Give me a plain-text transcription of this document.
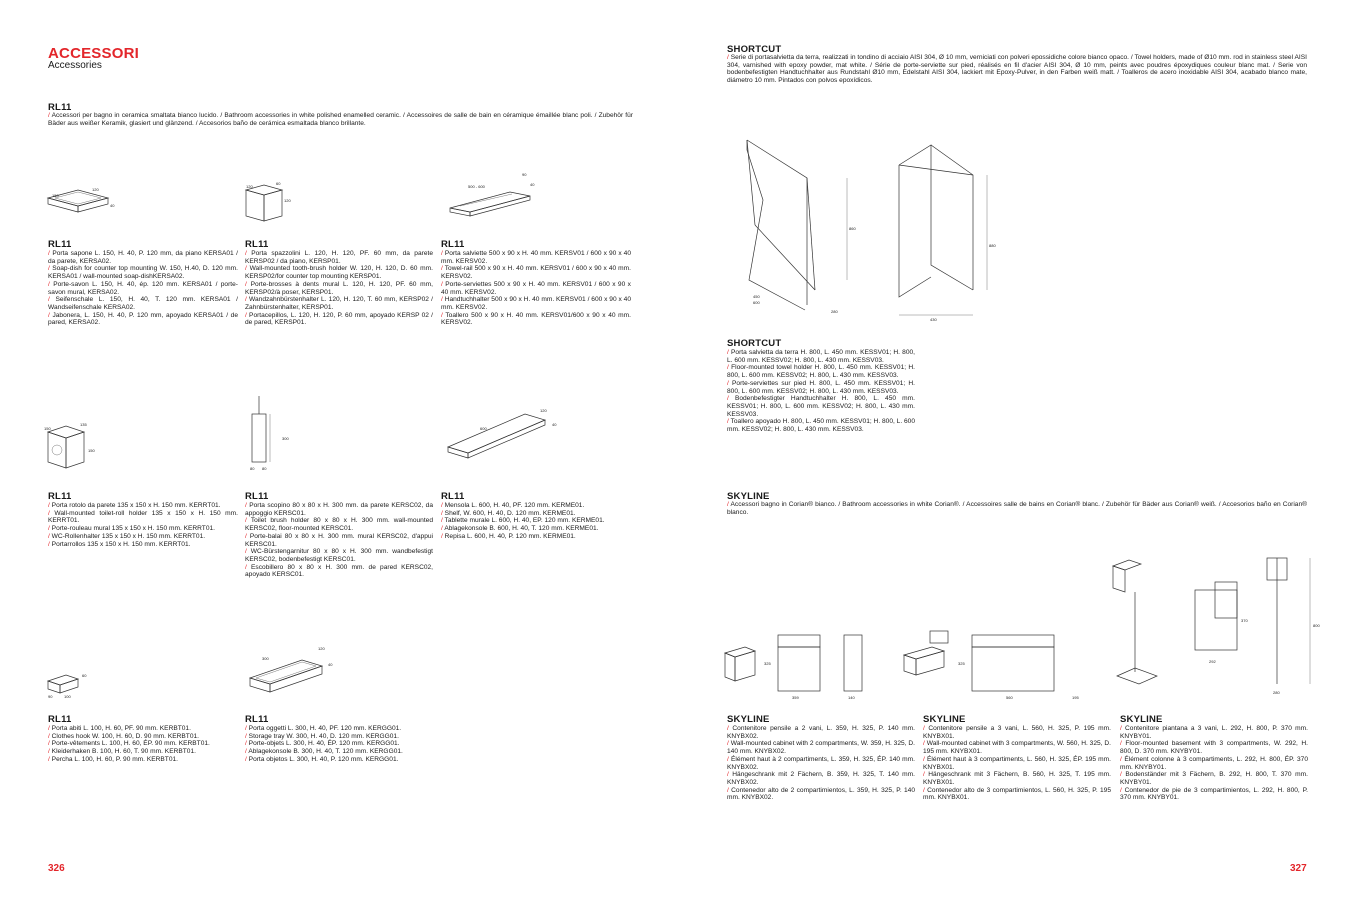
ACCESSORI
Accessories
RL11
/ Accessori per bagno in ceramica smaltata bianco lucido. / Bathroom accessories in white polished enamelled ceramic. / Accessoires de salle de bain en céramique émaillée blanc poli. / Zubehör für Bäder aus weißer Keramik, glasiert und glänzend. / Accesorios baño de cerámica esmaltada blanco brillante.
150
120
40
120
60
120
500 - 600
90
40
RL11

/ Porta sapone L. 150, H. 40, P. 120 mm, da piano KERSA01 / da parete, KERSA02.

/ Soap-dish for counter top mounting W. 150, H.40, D. 120 mm. KERSA01 / wall-mounted soap-dishKERSA02.

/ Porte-savon L. 150, H. 40, ép. 120 mm. KERSA01 / porte-savon mural, KERSA02.

/ Seifenschale L. 150, H. 40, T. 120 mm. KERSA01 / Wandseifenschale KERSA02.

/ Jabonera, L. 150, H. 40, P. 120 mm, apoyado KERSA01 / de pared, KERSA02.

RL11

/ Porta spazzolini L. 120, H. 120, PF. 60 mm, da parete KERSP02 / da piano, KERSP01.

/ Wall-mounted tooth-brush holder W. 120, H. 120, D. 60 mm. KERSP02/for counter top mounting KERSP01.

/ Porte-brosses à dents mural L. 120, H. 120, PF. 60 mm, KERSP02/à poser, KERSP01.

/ Wandzahnbürstenhalter L. 120, H. 120, T. 60 mm, KERSP02 / Zahnbürstenhalter, KERSP01.

/ Portacepillos, L. 120, H. 120, P. 60 mm, apoyado KERSP 02 / de pared, KERSP01.

RL11

/ Porta salviette 500 x 90 x H. 40 mm. KERSV01 / 600 x 90 x 40 mm. KERSV02.

/ Towel-rail 500 x 90 x H. 40 mm. KERSV01 / 600 x 90 x 40 mm. KERSV02.

/ Porte-serviettes 500 x 90 x H. 40 mm. KERSV01 / 600 x 90 x 40 mm. KERSV02.

/ Handtuchhalter 500 x 90 x H. 40 mm. KERSV01 / 600 x 90 x 40 mm. KERSV02.

/ Toallero 500 x 90 x H. 40 mm. KERSV01/600 x 90 x 40 mm. KERSV02.

150
135
150
300
80 80
600
120
40
RL11

/ Porta rotolo da parete 135 x 150 x H. 150 mm. KERRT01.

/ Wall-mounted toilet-roll holder 135 x 150 x H. 150 mm. KERRT01.

/ Porte-rouleau mural 135 x 150 x H. 150 mm. KERRT01.

/ WC-Rollenhalter 135 x 150 x H. 150 mm. KERRT01.

/ Portarrollos 135 x 150 x H. 150 mm. KERRT01.

RL11

/ Porta scopino 80 x 80 x H. 300 mm. da parete KERSC02, da appoggio KERSC01.

/ Toilet brush holder 80 x 80 x H. 300 mm. wall-mounted KERSC02, floor-mounted KERSC01.

/ Porte-balai 80 x 80 x H. 300 mm. mural KERSC02, d'appui KERSC01.

/ WC-Bürstengarnitur 80 x 80 x H. 300 mm. wandbefestigt KERSC02, bodenbefestigt KERSC01.

/ Escobillero 80 x 80 x H. 300 mm. de pared KERSC02, apoyado KERSC01.

RL11

/ Mensola L. 600, H. 40, PF. 120 mm. KERME01.

/ Shelf, W. 600, H. 40, D. 120 mm. KERME01.

/ Tablette murale L. 600, H. 40, EP. 120 mm. KERME01.

/ Ablagekonsole B. 600, H. 40, T. 120 mm. KERME01.

/ Repisa L. 600, H. 40, P. 120 mm. KERME01.

60
90	100
300
120
40
RL11

/ Porta abiti L. 100, H. 60, PF. 90 mm. KERBT01.

/ Clothes hook W. 100, H. 60, D. 90 mm. KERBT01.

/ Porte-vêtements L. 100, H. 60, ÉP. 90 mm. KERBT01.

/ Kleiderhaken B. 100, H. 60, T. 90 mm. KERBT01.

/ Percha L. 100, H. 60, P. 90 mm. KERBT01.

RL11

/ Porta oggetti L. 300, H. 40, PF. 120 mm. KERGG01.

/ Storage tray W. 300, H. 40, D. 120 mm. KERGG01.

/ Porte-objets L. 300, H. 40, ÉP. 120 mm. KERGG01.

/ Ablagekonsole B. 300, H. 40, T. 120 mm. KERGG01.

/ Porta objetos L. 300, H. 40, P. 120 mm. KERGG01.

326
SHORTCUT
/ Serie di portasalvietta da terra, realizzati in tondino di acciaio AISI 304, Ø 10 mm, verniciati con polveri epossidiche colore bianco opaco. / Towel holders, made of Ø10 mm. rod in stainless steel AISI 304, varnished with epoxy powder, mat white. / Série de porte-serviette sur pied, réalisés en fil d'acier AISI 304, Ø 10 mm, peints avec poudres époxydiques couleur blanc mat. / Serie von bodenbefestigten Handtuchhalter aus Rundstahl Ø10 mm, Edelstahl AISI 304, lackiert mit Epoxy-Pulver, in den Farben weiß matt. / Toalleros de acero inoxidable AISI 304, acabado blanco mate, diámetro 10 mm. Pintados con polvos epoxídicos.
860
450
600
280
880
430
SHORTCUT

/ Porta salvietta da terra H. 800, L. 450 mm. KESSV01; H. 800, L. 600 mm. KESSV02; H. 800, L. 430 mm. KESSV03.

/ Floor-mounted towel holder H. 800, L. 450 mm. KESSV01; H. 800, L. 600 mm. KESSV02; H. 800, L. 430 mm. KESSV03.

/ Porte-serviettes sur pied H. 800, L. 450 mm. KESSV01; H. 800, L. 600 mm. KESSV02; H. 800, L. 430 mm. KESSV03.

/ Bodenbefestigter Handtuchhalter H. 800, L. 450 mm. KESSV01; H. 800, L. 600 mm. KESSV02; H. 800, L. 430 mm. KESSV03.

/ Toallero apoyado H. 800, L. 450 mm. KESSV01; H. 800, L. 600 mm. KESSV02; H. 800, L. 430 mm. KESSV03.

SKYLINE
/ Accessori bagno in Corian® bianco. / Bathroom accessories in white Corian®. / Accessoires salle de bains en Corian® blanc. / Zubehör für Bäder aus Corian® weiß. / Accesorios baño en Corian® blanco.
325
359	140
325
560	195
370
800
292
280
SKYLINE

/ Contenitore pensile a 2 vani, L. 359, H. 325, P. 140 mm. KNYBX02.

/ Wall-mounted cabinet with 2 compartments, W. 359, H. 325, D. 140 mm. KNYBX02.

/ Élément haut à 2 compartiments, L. 359, H. 325, ÉP. 140 mm. KNYBX02.

/ Hängeschrank mit 2 Fächern, B. 359, H. 325, T. 140 mm. KNYBX02.

/ Contenedor alto de 2 compartimientos, L. 359, H. 325, P. 140 mm. KNYBX02.

SKYLINE

/ Contenitore pensile a 3 vani, L. 560, H. 325, P. 195 mm. KNYBX01.

/ Wall-mounted cabinet with 3 compartments, W. 560, H. 325, D. 195 mm. KNYBX01.

/ Élément haut à 3 compartiments, L. 560, H. 325, ÉP. 195 mm. KNYBX01.

/ Hängeschrank mit 3 Fächern, B. 560, H. 325, T. 195 mm. KNYBX01.

/ Contenedor alto de 3 compartimientos, L. 560, H. 325, P. 195 mm. KNYBX01.

SKYLINE

/ Contenitore piantana a 3 vani, L. 292, H. 800, P. 370 mm. KNYBY01.

/ Floor-mounted basement with 3 compartments, W. 292, H. 800, D. 370 mm. KNYBY01.

/ Élément colonne à 3 compartiments, L. 292, H. 800, ÉP. 370 mm. KNYBY01.

/ Bodenständer mit 3 Fächern, B. 292, H. 800, T. 370 mm. KNYBY01.

/ Contenedor de pie de 3 compartimientos, L. 292, H. 800, P. 370 mm. KNYBY01.

327
